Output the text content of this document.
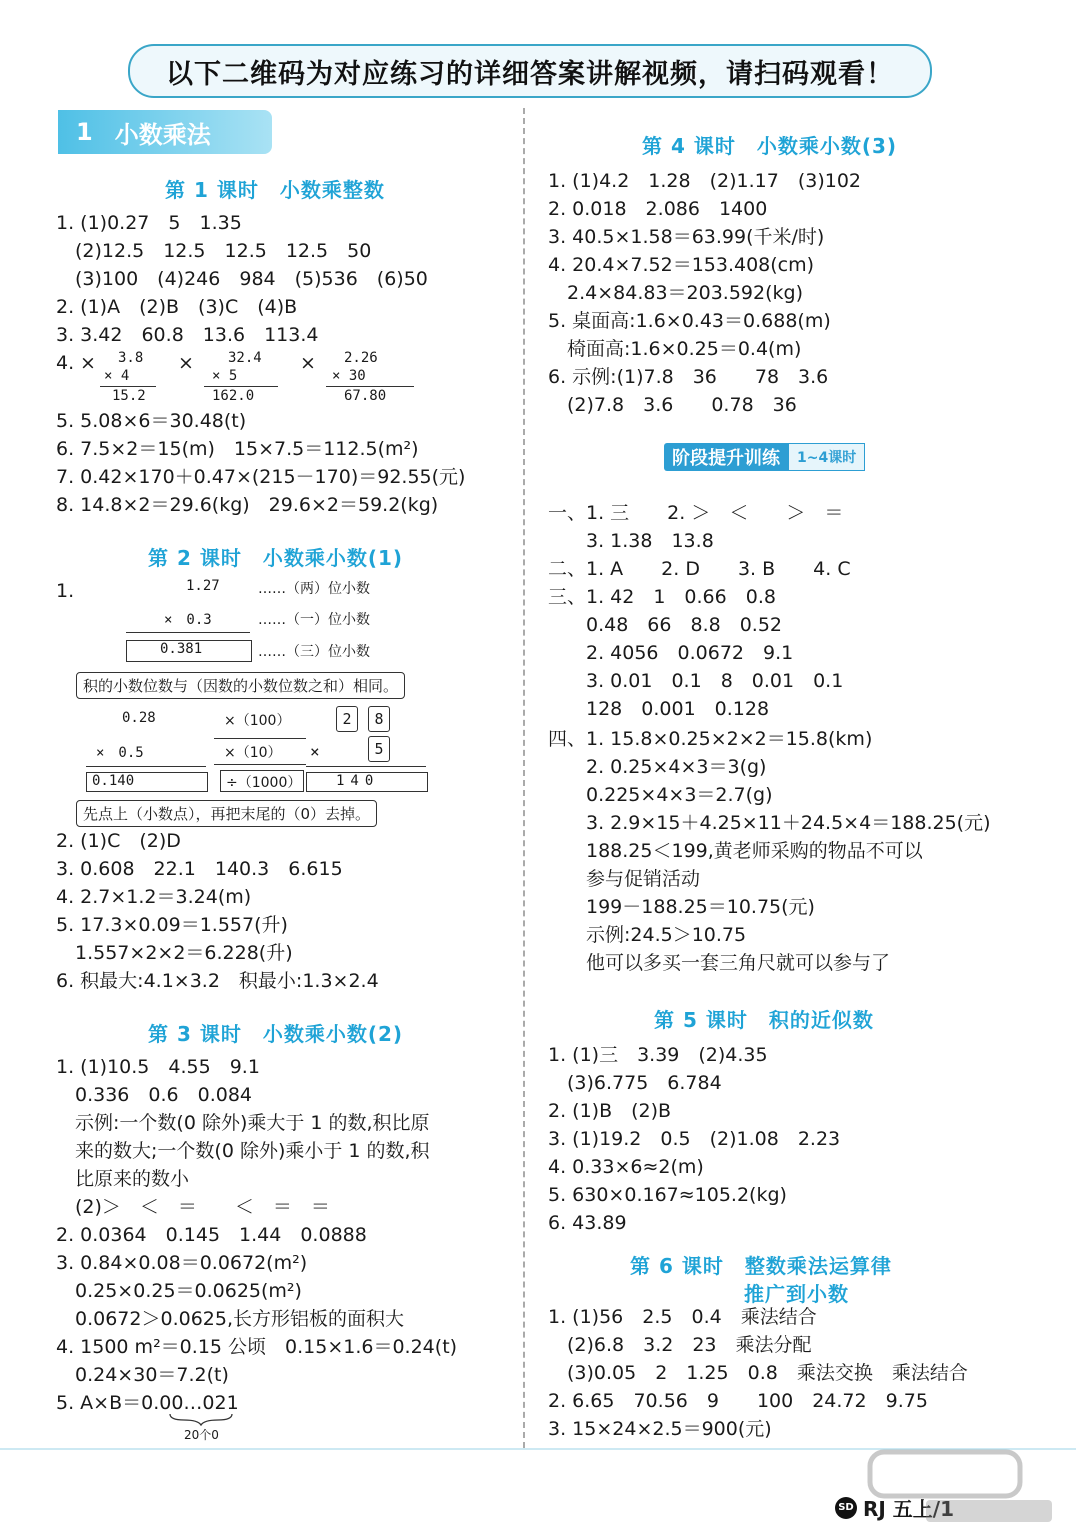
以下二维码为对应练习的详细答案讲解视频，请扫码观看！
1 小数乘法
第 1 课时　小数乘整数
1. (1)0.27　5　1.35
　(2)12.5　12.5　12.5　12.5　50
　(3)100　(4)246　984　(5)536　(6)50
2. (1)A　(2)B　(3)C　(4)B
3. 3.42　60.8　13.6　113.4
4. ×	×	×
3.8
× 4
15.2
32.4
× 5
162.0
2.26
× 30
67.80
5. 5.08×6＝30.48(t)
6. 7.5×2＝15(m)　15×7.5＝112.5(m²)
7. 0.42×170＋0.47×(215－170)＝92.55(元)
8. 14.8×2＝29.6(kg)　29.6×2＝59.2(kg)
第 2 课时　小数乘小数(1)
1.	1.27	……（两）位小数
×　0.3	……（一）位小数
0.381	……（三）位小数
积的小数位数与（因数的小数位数之和）相同。
0.28
×　0.5
0.140
×（100）
×（10）
÷（1000）
2	8
×	5
140
先点上（小数点），再把末尾的（0）去掉。
2. (1)C　(2)D
3. 0.608　22.1　140.3　6.615
4. 2.7×1.2＝3.24(m)
5. 17.3×0.09＝1.557(升)
　1.557×2×2＝6.228(升)
6. 积最大:4.1×3.2　积最小:1.3×2.4
第 3 课时　小数乘小数(2)
1. (1)10.5　4.55　9.1
　0.336　0.6　0.084
　示例:一个数(0 除外)乘大于 1 的数,积比原
　来的数大;一个数(0 除外)乘小于 1 的数,积
　比原来的数小
　(2)＞　＜　＝　　＜　＝　＝
2. 0.0364　0.145　1.44　0.0888
3. 0.84×0.08＝0.0672(m²)
　0.25×0.25＝0.0625(m²)
　0.0672＞0.0625,长方形铝板的面积大
4. 1500 m²＝0.15 公顷　0.15×1.6＝0.24(t)
　0.24×30＝7.2(t)
5. A×B＝0.00…021
20个0
第 4 课时　小数乘小数(3)
1. (1)4.2　1.28　(2)1.17　(3)102
2. 0.018　2.086　1400
3. 40.5×1.58＝63.99(千米/时)
4. 20.4×7.52＝153.408(cm)
　2.4×84.83＝203.592(kg)
5. 桌面高:1.6×0.43＝0.688(m)
　椅面高:1.6×0.25＝0.4(m)
6. 示例:(1)7.8　36　　78　3.6
　(2)7.8　3.6　　0.78　36
阶段提升训练	1~4课时
一、1. 三　　2. ＞　＜　　＞　＝
　　3. 1.38　13.8
二、1. A　　2. D　　3. B　　4. C
三、1. 42　1　0.66　0.8
　　0.48　66　8.8　0.52
　　2. 4056　0.0672　9.1
　　3. 0.01　0.1　8　0.01　0.1
　　128　0.001　0.128
四、1. 15.8×0.25×2×2＝15.8(km)
　　2. 0.25×4×3＝3(g)
　　0.225×4×3＝2.7(g)
　　3. 2.9×15＋4.25×11＋24.5×4＝188.25(元)
　　188.25＜199,黄老师采购的物品不可以
　　参与促销活动
　　199－188.25＝10.75(元)
　　示例:24.5＞10.75
　　他可以多买一套三角尺就可以参与了
第 5 课时　积的近似数
1. (1)三　3.39　(2)4.35
　(3)6.775　6.784
2. (1)B　(2)B
3. (1)19.2　0.5　(2)1.08　2.23
4. 0.33×6≈2(m)
5. 630×0.167≈105.2(kg)
6. 43.89
第 6 课时　整数乘法运算律
推广到小数
1. (1)56　2.5　0.4　乘法结合
　(2)6.8　3.2　23　乘法分配
　(3)0.05　2　1.25　0.8　乘法交换　乘法结合
2. 6.65　70.56　9　　100　24.72　9.75
3. 15×24×2.5＝900(元)
SD RJ 五上/1
